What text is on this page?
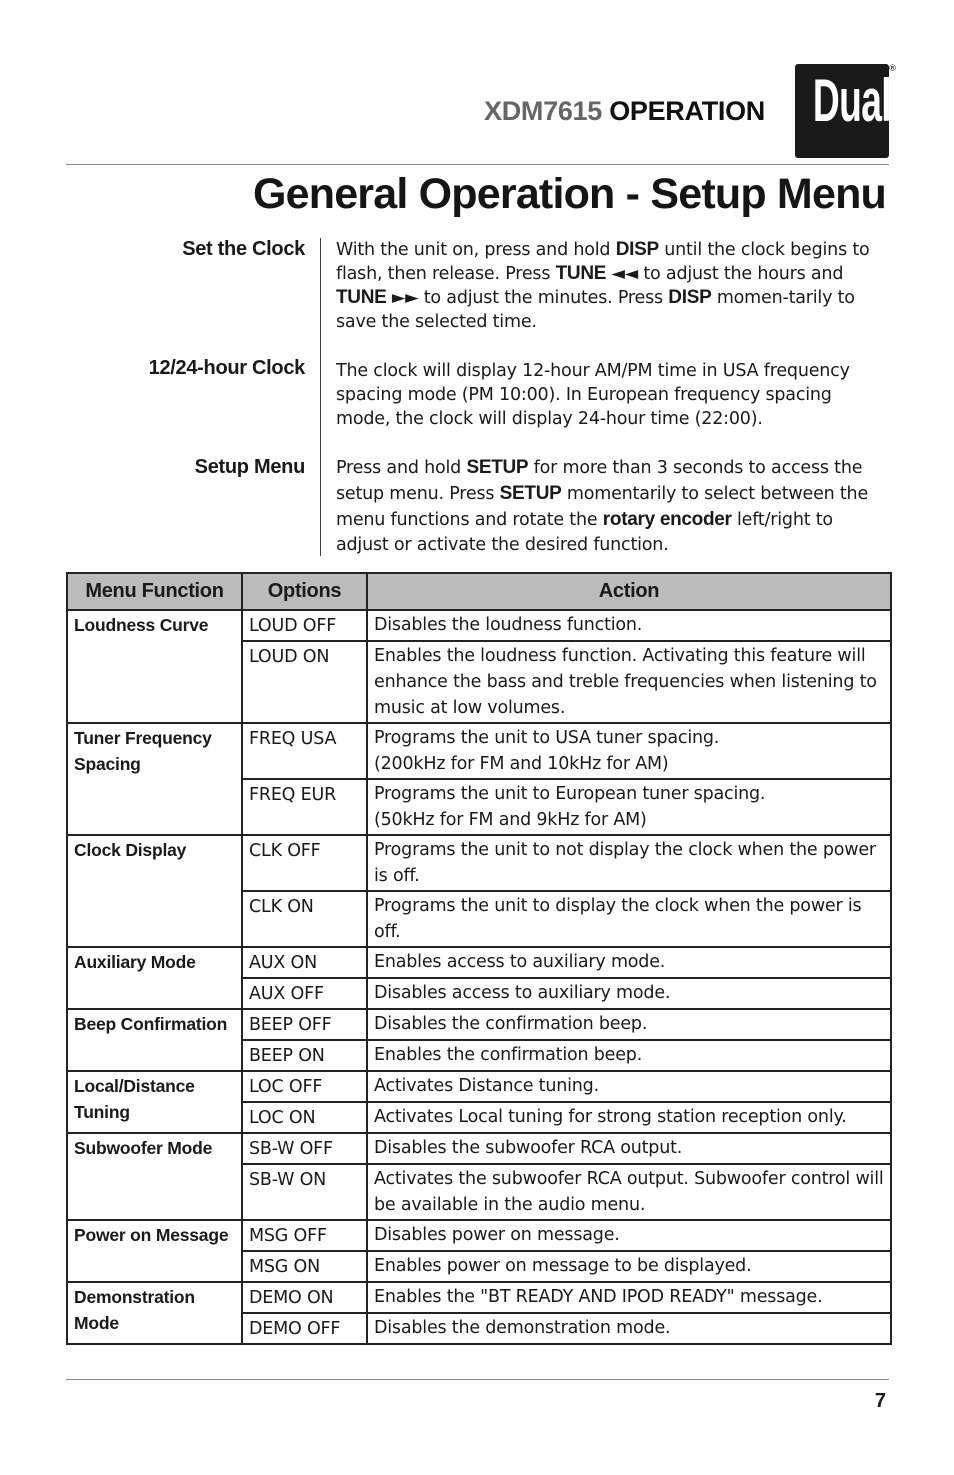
XDM7615 OPERATION Dual
®
General Operation - Setup Menu
Set the Clock With the unit on, press and hold DISP until the clock begins to flash, then release. Press TUNE ◄◄ to adjust the hours and TUNE ►► to adjust the minutes. Press DISP momen-tarily to save the selected time.
12/24-hour Clock The clock will display 12-hour AM/PM time in USA frequency spacing mode (PM 10:00). In European frequency spacing mode, the clock will display 24-hour time (22:00).
Setup Menu Press and hold SETUP for more than 3 seconds to access the setup menu. Press SETUP momentarily to select between the menu functions and rotate the rotary encoder left/right to adjust or activate the desired function.
Menu Function	Options	Action
Loudness Curve	LOUD OFF	Disables the loudness function.
	LOUD ON	Enables the loudness function. Activating this feature will enhance the bass and treble frequencies when listening to music at low volumes.
Tuner Frequency Spacing	FREQ USA	Programs the unit to USA tuner spacing.
(200kHz for FM and 10kHz for AM)

	FREQ EUR	Programs the unit to European tuner spacing.
(50kHz for FM and 9kHz for AM)

Clock Display	CLK OFF	Programs the unit to not display the clock when the power is off.
	CLK ON	Programs the unit to display the clock when the power is off.
Auxiliary Mode	AUX ON	Enables access to auxiliary mode.
	AUX OFF	Disables access to auxiliary mode.
Beep Confirmation	BEEP OFF	Disables the confirmation beep.
	BEEP ON	Enables the confirmation beep.
Local/Distance Tuning	LOC OFF	Activates Distance tuning.
	LOC ON	Activates Local tuning for strong station reception only.
Subwoofer Mode	SB-W OFF	Disables the subwoofer RCA output.
	SB-W ON	Activates the subwoofer RCA output. Subwoofer control will be available in the audio menu.
Power on Message	MSG OFF	Disables power on message.
	MSG ON	Enables power on message to be displayed.
Demonstration Mode	DEMO ON	Enables the "BT READY AND IPOD READY" message.
	DEMO OFF	Disables the demonstration mode.
7
